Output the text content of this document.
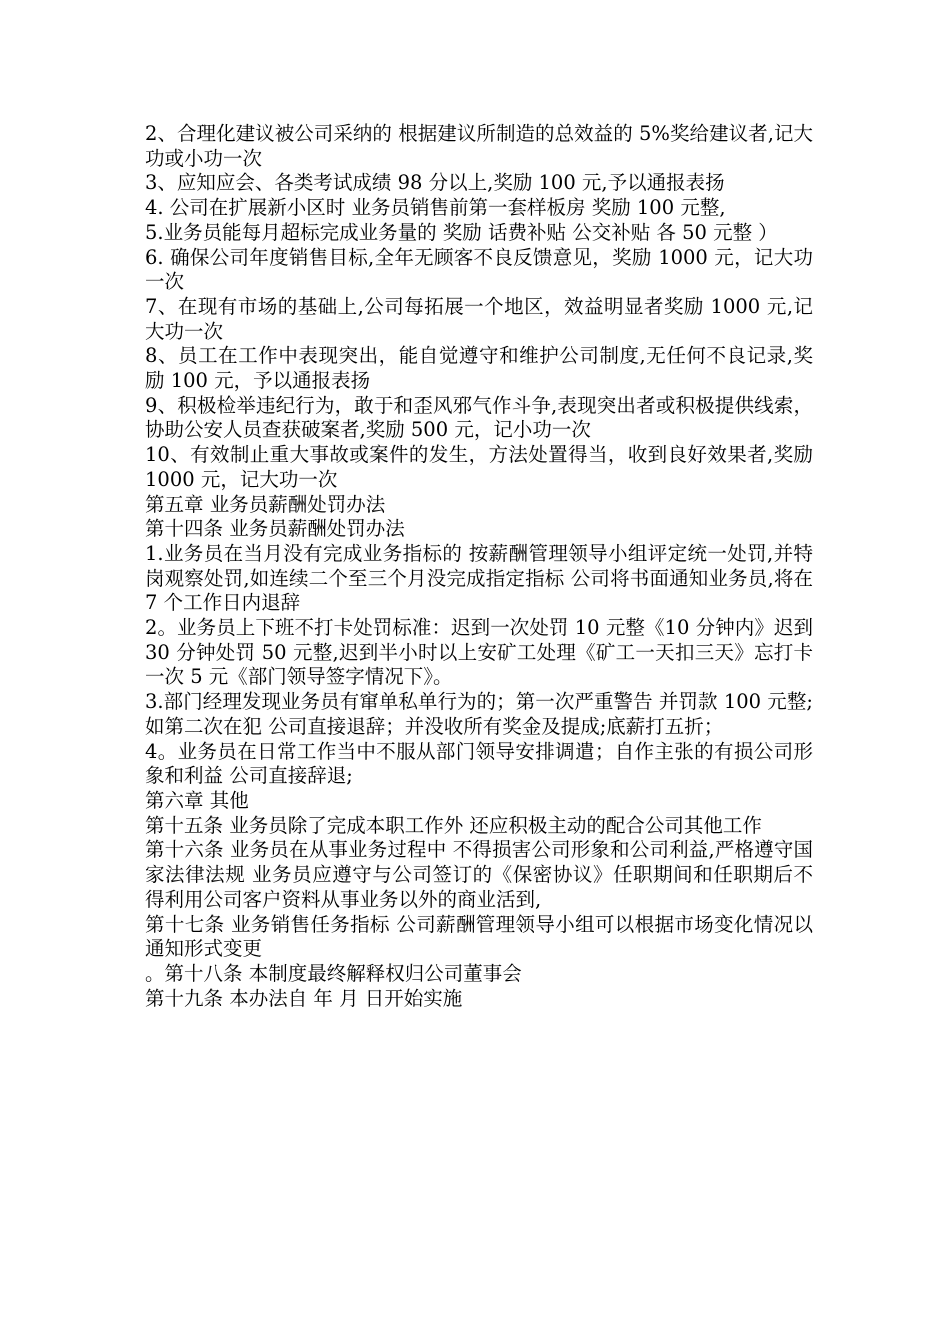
2、合理化建议被公司采纳的 根据建议所制造的总效益的 5%奖给建议者,记大功或小功一次

3、应知应会、各类考试成绩 98 分以上,奖励 100 元,予以通报表扬

4. 公司在扩展新小区时 业务员销售前第一套样板房 奖励 100 元整,

5.业务员能每月超标完成业务量的 奖励 话费补贴 公交补贴 各 50 元整 ）

6. 确保公司年度销售目标,全年无顾客不良反馈意见，奖励 1000 元，记大功一次

7、在现有市场的基础上,公司每拓展一个地区，效益明显者奖励 1000 元,记大功一次

8、员工在工作中表现突出，能自觉遵守和维护公司制度,无任何不良记录,奖励 100 元，予以通报表扬

9、积极检举违纪行为，敢于和歪风邪气作斗争,表现突出者或积极提供线索，协助公安人员查获破案者,奖励 500 元，记小功一次

10、有效制止重大事故或案件的发生，方法处置得当，收到良好效果者,奖励 1000 元，记大功一次

第五章 业务员薪酬处罚办法

第十四条 业务员薪酬处罚办法

1.业务员在当月没有完成业务指标的 按薪酬管理领导小组评定统一处罚,并特岗观察处罚,如连续二个至三个月没完成指定指标 公司将书面通知业务员,将在 7 个工作日内退辞

2。业务员上下班不打卡处罚标准：迟到一次处罚 10 元整《10 分钟内》迟到 30 分钟处罚 50 元整,迟到半小时以上安矿工处理《矿工一天扣三天》忘打卡一次 5 元《部门领导签字情况下》。

3.部门经理发现业务员有窜单私单行为的；第一次严重警告 并罚款 100 元整;如第二次在犯 公司直接退辞；并没收所有奖金及提成;底薪打五折；

4。业务员在日常工作当中不服从部门领导安排调遣；自作主张的有损公司形象和利益 公司直接辞退;

第六章 其他

第十五条 业务员除了完成本职工作外 还应积极主动的配合公司其他工作

第十六条 业务员在从事业务过程中 不得损害公司形象和公司利益,严格遵守国家法律法规 业务员应遵守与公司签订的《保密协议》任职期间和任职期后不得利用公司客户资料从事业务以外的商业活到,

第十七条 业务销售任务指标 公司薪酬管理领导小组可以根据市场变化情况以通知形式变更

。第十八条 本制度最终解释权归公司董事会

第十九条 本办法自 年 月 日开始实施
